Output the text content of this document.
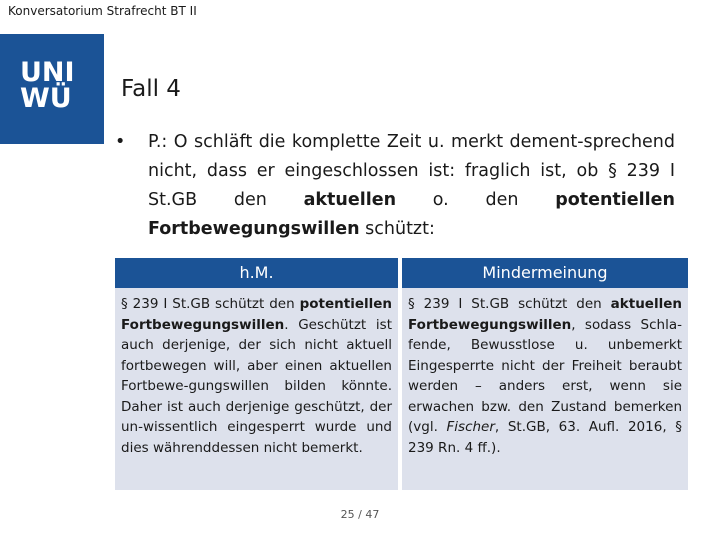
Konversatorium Strafrecht BT II
UNI
WÜ Fall 4
• P.: O schläft die komplette Zeit u. merkt dement-sprechend nicht, dass er eingeschlossen ist: fraglich ist, ob § 239 I St.GB den aktuellen o. den potentiellen Fortbewegungswillen schützt:
h.M.
§ 239 I St.GB schützt den potentiellen Fortbewegungswillen. Geschützt ist auch derjenige, der sich nicht aktuell fortbewegen will, aber einen aktuellen Fortbewe-gungswillen bilden könnte. Daher ist auch derjenige geschützt, der un-wissentlich eingesperrt wurde und dies währenddessen nicht bemerkt.
Mindermeinung
§ 239 I St.GB schützt den aktuellen Fortbewegungswillen, sodass Schla-fende, Bewusstlose u. unbemerkt Eingesperrte nicht der Freiheit beraubt werden – anders erst, wenn sie erwachen bzw. den Zustand bemerken (vgl. Fischer, St.GB, 63. Aufl. 2016, § 239 Rn. 4 ff.).
25 / 47
